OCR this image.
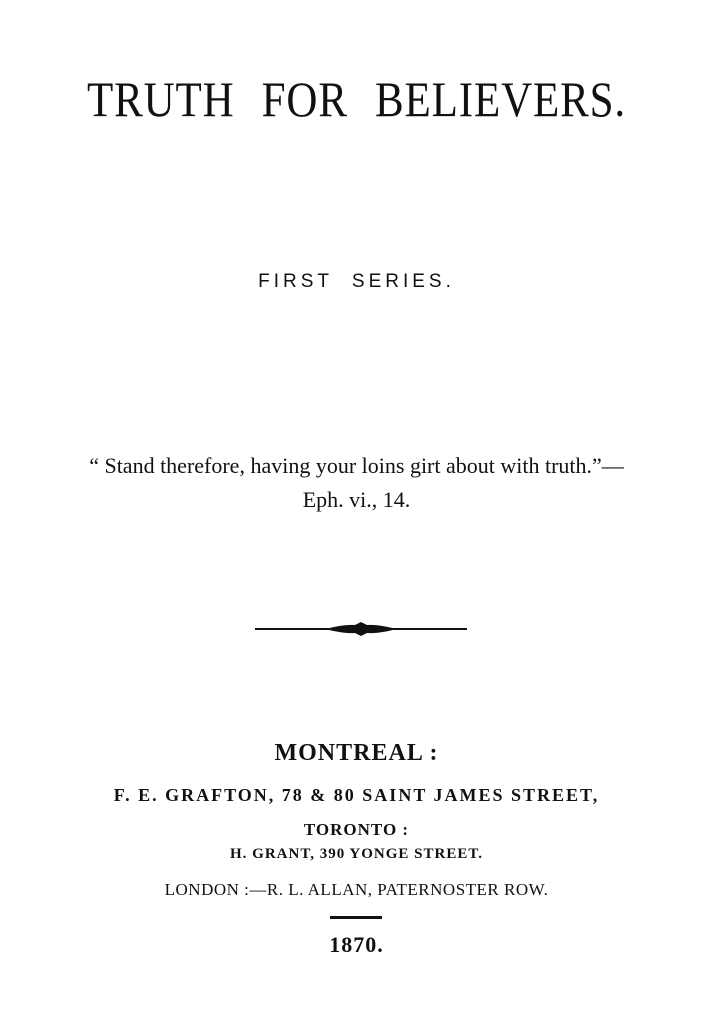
TRUTH FOR BELIEVERS.
FIRST SERIES.
“ Stand therefore, having your loins girt about with truth.”—
Eph. vi., 14.
MONTREAL :
F. E. GRAFTON, 78 & 80 SAINT JAMES STREET,
TORONTO :
H. GRANT, 390 YONGE STREET.
LONDON :—R. L. ALLAN, PATERNOSTER ROW.
1870.
